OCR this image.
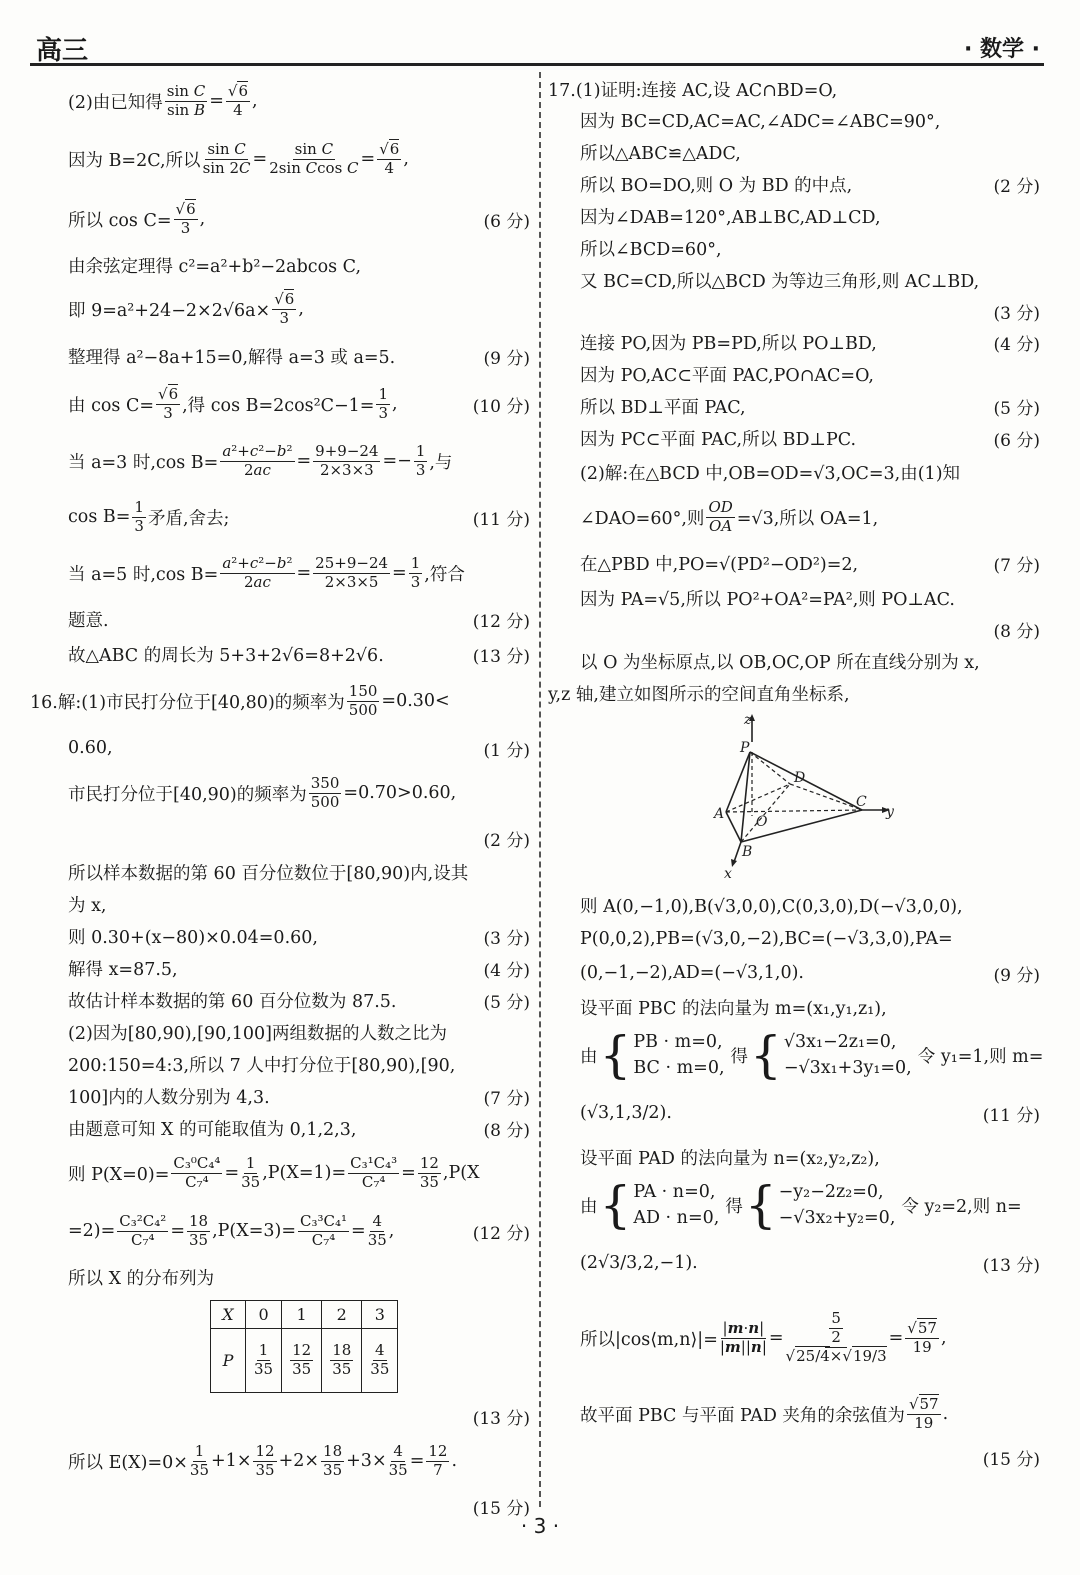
高三	· 数学 ·
(2)由已知得
sin C
sin B =
√6
4 ,
因为 B=2C,所以
sin C
sin 2C =
sin C
2sin Ccos C =
√6
4 ,
所以 $\cos C= \frac{√6}{3}$ ,	(6 分)
由余弦定理得 c²=a²+b²−2abcos C,
即 $9=a^2+24-2\times 2√6a\times \frac{√6}{3}$ ,
整理得 a²−8a+15=0,解得 a=3 或 a=5.	(9 分)
由 $\cos C= \frac{√6}{3}$ ,得 $\cos B=2\cos^2C-1= \frac{1}{3}$ ,	(10 分)
当 a=3 时,cos $B= \frac{\text{a²+c²−b²}}{2ac}$ =
9+9−24
2×3×3 =−
1
3 ,与
$\cos B= \frac{1}{3}$ 矛盾,舍去;	(11 分)
当 a=5 时,cos $B= \frac{\text{a²+c²−b²}}{2ac}$ =
25+9−24
2×3×5 =
1
3 ,符合
题意.	(12 分)
故△ABC 的周长为 5+3+2√6=8+2√6.	(13 分)
16.解:(1)市民打分位于[40,80)的频率为 $\frac{150}{500} =0.30<$
0.60,	(1 分)
市民打分位于[40,90)的频率为 $\frac{350}{500} =0.70>0.60$,
(2 分)
所以样本数据的第 60 百分位数位于[80,90)内,设其
为 x,
则 0.30+(x−80)×0.04=0.60,	(3 分)
解得 x=87.5,	(4 分)
故估计样本数据的第 60 百分位数为 87.5.	(5 分)
(2)因为[80,90),[90,100]两组数据的人数之比为
200:150=4:3,所以 7 人中打分位于[80,90),[90,
100]内的人数分别为 4,3.	(7 分)
由题意可知 X 的可能取值为 0,1,2,3,	(8 分)
则 $P(X=0)= \frac{\text{C₃⁰C₄⁴}}{\text{C₇⁴}}$ =
1
35 $,P(X=1)= \frac{\text{C₃¹C₄³}}{\text{C₇⁴}}$ =
12
35 ,P(X
$=2)= \frac{\text{C₃²C₄²}}{\text{C₇⁴}}$ =
18
35 $,P(X=3)= \frac{\text{C₃³C₄¹}}{\text{C₇⁴}}$ =
4
35 ,	(12 分)
所以 X 的分布列为
X	0	1	2	3
P	$\frac{1}{35}$	$\frac{12}{35}$	$\frac{18}{35}$	$\frac{4}{35}$
(13 分)
所以 $E(X)=0\times \frac{1}{35} +1\times$
12
35 +2×
18
35 +3×
4
35 =
12
7 .
(15 分)
17.(1)证明:连接 AC,设 AC∩BD=O,
因为 BC=CD,AC=AC,∠ADC=∠ABC=90°,
所以△ABC≌△ADC,
所以 BO=DO,则 O 为 BD 的中点,	(2 分)
因为∠DAB=120°,AB⊥BC,AD⊥CD,
所以∠BCD=60°,
又 BC=CD,所以△BCD 为等边三角形,则 AC⊥BD,
(3 分)
连接 PO,因为 PB=PD,所以 PO⊥BD,	(4 分)
因为 PO,AC⊂平面 PAC,PO∩AC=O,
所以 BD⊥平面 PAC,	(5 分)
因为 PC⊂平面 PAC,所以 BD⊥PC.	(6 分)
(2)解:在△BCD 中,OB=OD=√3,OC=3,由(1)知
∠DAO=60°,则 $\frac{OD}{OA} =√3$,所以 OA=1,
在△PBD 中,PO=√(PD²−OD²)=2,	(7 分)
因为 PA=√5,所以 PO²+OA²=PA²,则 PO⊥AC.
(8 分)
以 O 为坐标原点,以 OB,OC,OP 所在直线分别为 x,
y,z 轴,建立如图所示的空间直角坐标系,
z
P
D
C
y
A O
B
x
则 A(0,−1,0),B(√3,0,0),C(0,3,0),D(−√3,0,0),
P(0,0,2),PB=(√3,0,−2),BC=(−√3,3,0),PA=
(0,−1,−2),AD=(−√3,1,0).	(9 分)
设平面 PBC 的法向量为 m=(x₁,y₁,z₁),
由 { PB · m=0,
BC · m=0,
得 { √3x₁−2z₁=0,
−√3x₁+3y₁=0,
令 y₁=1,则 m=
(√3,1,3/2).	(11 分)
设平面 PAD 的法向量为 n=(x₂,y₂,z₂),
由 { PA · n=0,
AD · n=0,
得 { −y₂−2z₂=0,
−√3x₂+y₂=0,
令 y₂=2,则 n=
(2√3/3,2,−1).	(13 分)
所以|cos⟨m,n⟩|= $\frac{|m\cdot n|}{|m||n|}$ =	$\frac{5}{2}$
√25/4×√19/3
=
√57
19 ,
故平面 PBC 与平面 PAD 夹角的余弦值为
√57
19 .
(15 分)
· 3 ·
